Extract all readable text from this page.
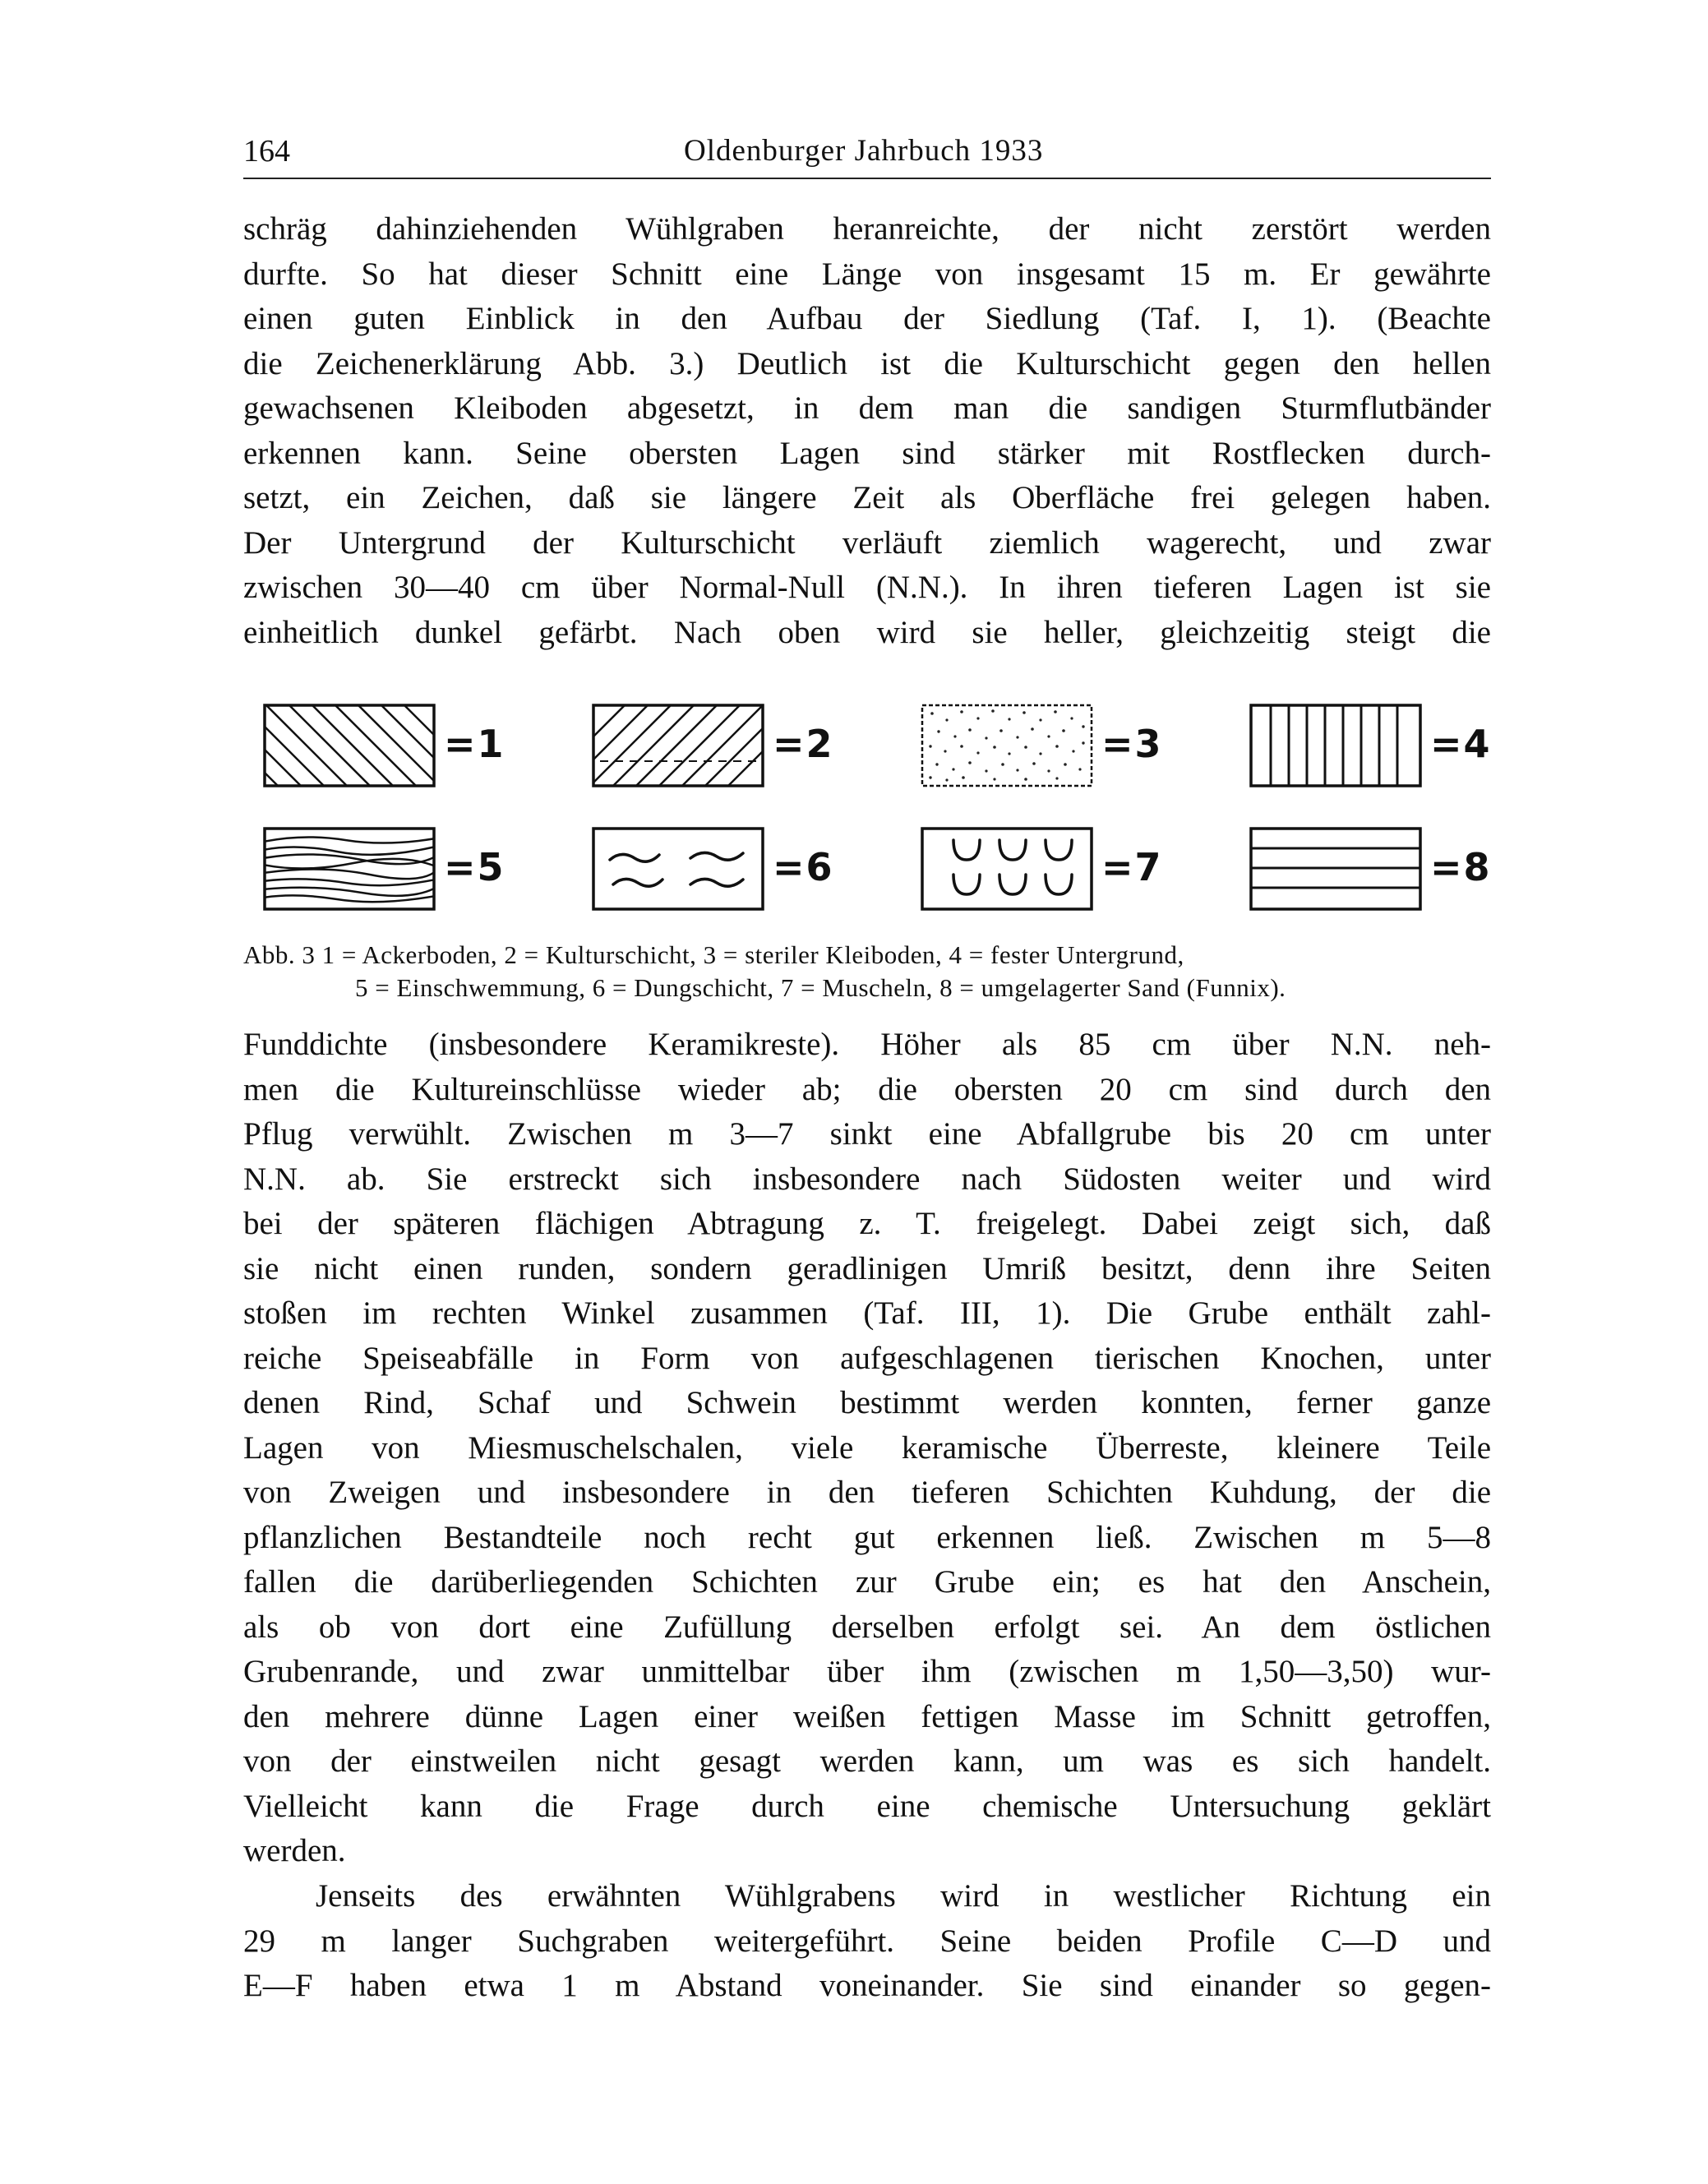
164	Oldenburger Jahrbuch 1933
schräg dahinziehenden Wühlgraben heranreichte, der nicht zerstört werden
durfte. So hat dieser Schnitt eine Länge von insgesamt 15 m. Er gewährte
einen guten Einblick in den Aufbau der Siedlung (Taf. I, 1). (Beachte
die Zeichenerklärung Abb. 3.) Deutlich ist die Kulturschicht gegen den hellen
gewachsenen Kleiboden abgesetzt, in dem man die sandigen Sturmflutbänder
erkennen kann. Seine obersten Lagen sind stärker mit Rostflecken durch-
setzt, ein Zeichen, daß sie längere Zeit als Oberfläche frei gelegen haben.
Der Untergrund der Kulturschicht verläuft ziemlich wagerecht, und zwar
zwischen 30—40 cm über Normal-Null (N.N.). In ihren tieferen Lagen ist sie
einheitlich dunkel gefärbt. Nach oben wird sie heller, gleichzeitig steigt die
=1	=2	=3	=4
=5	=6	=7	=8
Abb. 3 1 = Ackerboden, 2 = Kulturschicht, 3 = steriler Kleiboden, 4 = fester Untergrund,
5 = Einschwemmung, 6 = Dungschicht, 7 = Muscheln, 8 = umgelagerter Sand (Funnix).
Funddichte (insbesondere Keramikreste). Höher als 85 cm über N.N. neh-
men die Kultureinschlüsse wieder ab; die obersten 20 cm sind durch den
Pflug verwühlt. Zwischen m 3—7 sinkt eine Abfallgrube bis 20 cm unter
N.N. ab. Sie erstreckt sich insbesondere nach Südosten weiter und wird
bei der späteren flächigen Abtragung z. T. freigelegt. Dabei zeigt sich, daß
sie nicht einen runden, sondern geradlinigen Umriß besitzt, denn ihre Seiten
stoßen im rechten Winkel zusammen (Taf. III, 1). Die Grube enthält zahl-
reiche Speiseabfälle in Form von aufgeschlagenen tierischen Knochen, unter
denen Rind, Schaf und Schwein bestimmt werden konnten, ferner ganze
Lagen von Miesmuschelschalen, viele keramische Überreste, kleinere Teile
von Zweigen und insbesondere in den tieferen Schichten Kuhdung, der die
pflanzlichen Bestandteile noch recht gut erkennen ließ. Zwischen m 5—8
fallen die darüberliegenden Schichten zur Grube ein; es hat den Anschein,
als ob von dort eine Zufüllung derselben erfolgt sei. An dem östlichen
Grubenrande, und zwar unmittelbar über ihm (zwischen m 1,50—3,50) wur-
den mehrere dünne Lagen einer weißen fettigen Masse im Schnitt getroffen,
von der einstweilen nicht gesagt werden kann, um was es sich handelt.
Vielleicht kann die Frage durch eine chemische Untersuchung geklärt
werden.
Jenseits des erwähnten Wühlgrabens wird in westlicher Richtung ein
29 m langer Suchgraben weitergeführt. Seine beiden Profile C—D und
E—F haben etwa 1 m Abstand voneinander. Sie sind einander so gegen-
